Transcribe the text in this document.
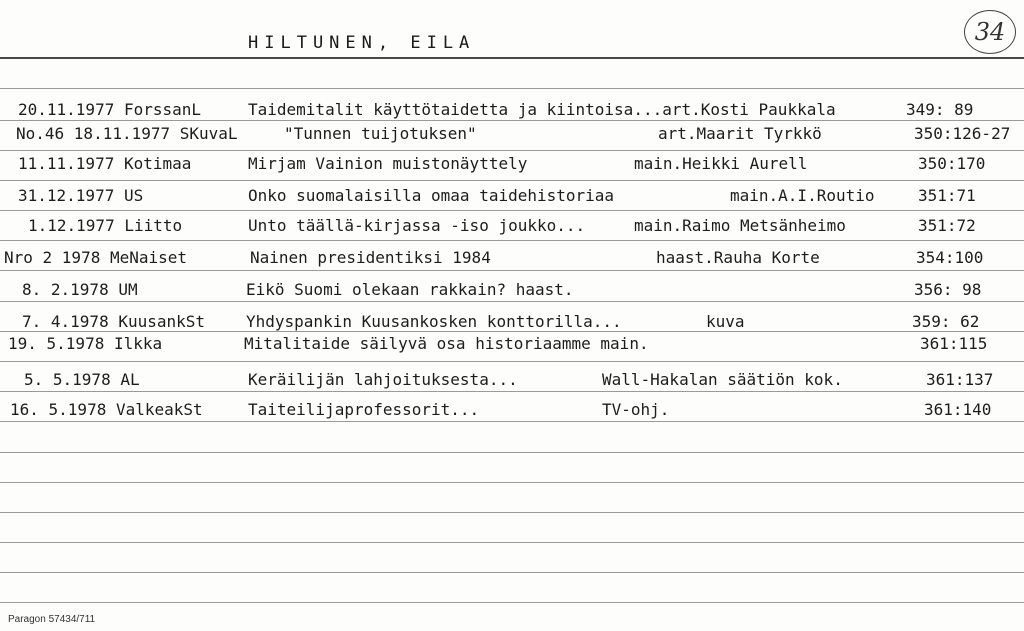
HILTUNEN, EILA	34
20.11.1977 ForssanL	Taidemitalit käyttötaidetta ja kiintoisa...art.Kosti Paukkala	349: 89
No.46 18.11.1977 SKuvaL	"Tunnen tuijotuksen"	art.Maarit Tyrkkö	350:126-27
11.11.1977 Kotimaa	Mirjam Vainion muistonäyttely	main.Heikki Aurell	350:170
31.12.1977 US	Onko suomalaisilla omaa taidehistoriaa	main.A.I.Routio	351:71
1.12.1977 Liitto	Unto täällä-kirjassa -iso joukko...	main.Raimo Metsänheimo	351:72
Nro 2 1978 MeNaiset	Nainen presidentiksi 1984	haast.Rauha Korte	354:100
8. 2.1978 UM	Eikö Suomi olekaan rakkain? haast.	356: 98
7. 4.1978 KuusankSt	Yhdyspankin Kuusankosken konttorilla...	kuva	359: 62
19. 5.1978 Ilkka	Mitalitaide säilyvä osa historiaamme main.	361:115
5. 5.1978 AL	Keräilijän lahjoituksesta...	Wall-Hakalan säätiön kok.	361:137
16. 5.1978 ValkeakSt	Taiteilijaprofessorit...	TV-ohj.	361:140
Paragon 57434/711
